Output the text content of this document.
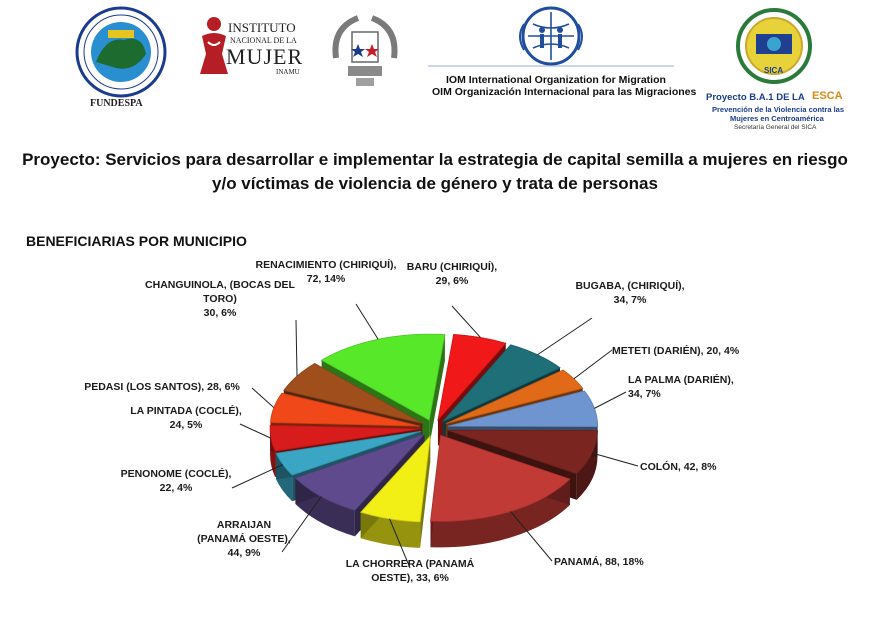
FUNDESPA
INSTITUTO
NACIONAL DE LA
MUJER
INAMU
IOM International Organization for Migration
OIM Organización Internacional para las Migraciones
SICA
Proyecto B.A.1 DE LA ESCA
Prevención de la Violencia contra las
Mujeres en Centroamérica
Secretaría General del SICA

Proyecto: Servicios para desarrollar e implementar la estrategia de capital semilla a mujeres en riesgo y/o víctimas de violencia de género y trata de personas

BENEFICIARIAS POR MUNICIPIO

BARU (CHIRIQUÍ), 29, 6%	BUGABA, (CHIRIQUÍ), 34, 7%
METETI (DARIÉN), 20, 4%
LA PALMA (DARIÉN), 34, 7%
COLÓN, 42, 8%
PANAMÁ, 88, 18%
LA CHORRERA (PANAMÁ OESTE), 33, 6%
ARRAIJAN (PANAMÁ OESTE), 44, 9%
PENONOME (COCLÉ), 22, 4%
LA PINTADA (COCLÉ), 24, 5%
PEDASI (LOS SANTOS), 28, 6%
CHANGUINOLA, (BOCAS DEL TORO) 30, 6%
RENACIMIENTO (CHIRIQUÍ), 72, 14%
